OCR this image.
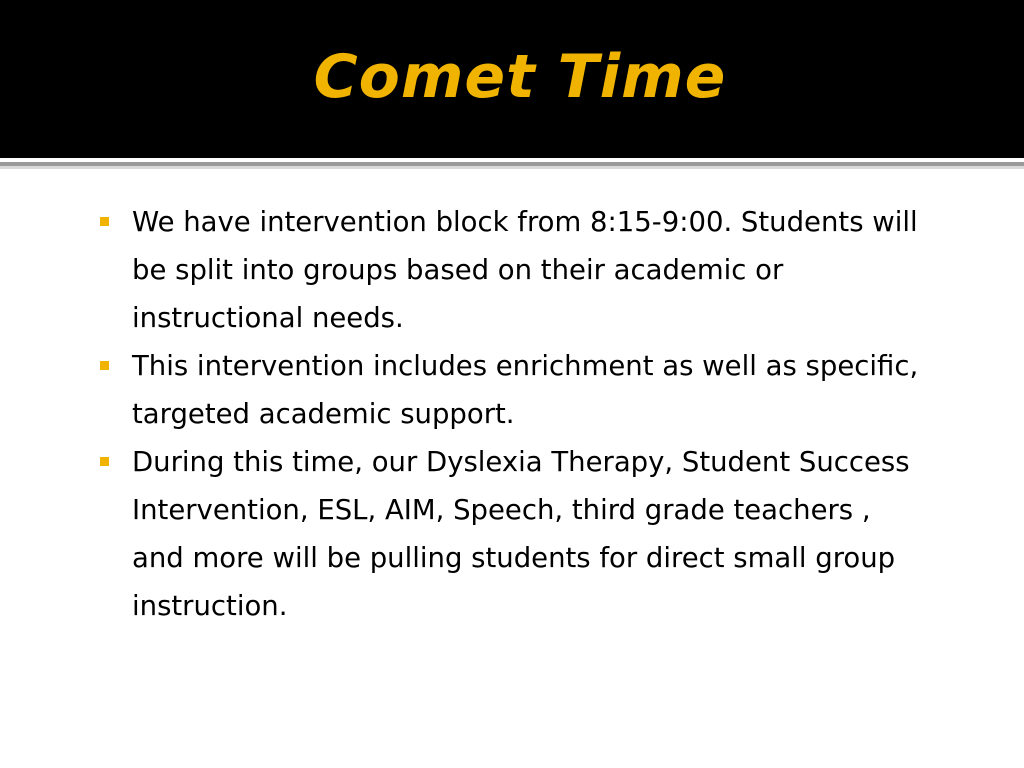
Comet Time
We have intervention block from 8:15-9:00. Students will be split into groups based on their academic or instructional needs.
This intervention includes enrichment as well as specific, targeted academic support.
During this time, our Dyslexia Therapy, Student Success Intervention, ESL, AIM, Speech, third grade teachers , and more will be pulling students for direct small group instruction.
